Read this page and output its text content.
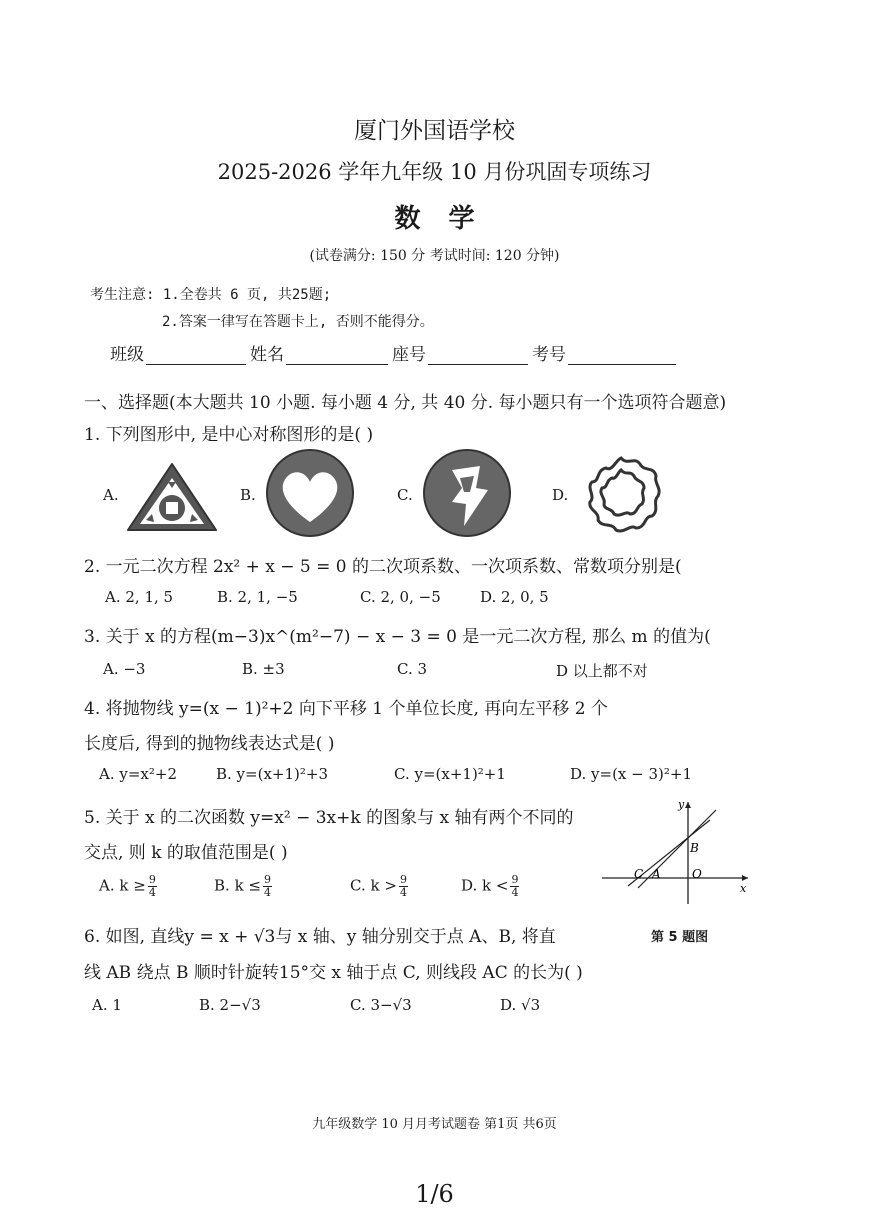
厦门外国语学校
2025-2026 学年九年级 10 月份巩固专项练习
数学
(试卷满分: 150 分 考试时间: 120 分钟)
考生注意: 1.全卷共 6 页, 共25题;
2.答案一律写在答题卡上, 否则不能得分。
班级	姓名	座号	考号
一、选择题(本大题共 10 小题. 每小题 4 分, 共 40 分. 每小题只有一个选项符合题意)
1. 下列图形中, 是中心对称图形的是( )
A.	B.	C.	D.
2. 一元二次方程 2x² + x − 5 = 0 的二次项系数、一次项系数、常数项分别是(
A. 2, 1, 5	B. 2, 1, −5	C. 2, 0, −5	D. 2, 0, 5
3. 关于 x 的方程(m−3)x^(m²−7) − x − 3 = 0 是一元二次方程, 那么 m 的值为(
A. −3	B. ±3	C. 3	D 以上都不对
4. 将抛物线 y=(x − 1)²+2 向下平移 1 个单位长度, 再向左平移 2 个
长度后, 得到的抛物线表达式是( )
A. y=x²+2	B. y=(x+1)²+3	C. y=(x+1)²+1	D. y=(x − 3)²+1
5. 关于 x 的二次函数 y=x² − 3x+k 的图象与 x 轴有两个不同的
交点, 则 k 的取值范围是( )
A. $k \ge \frac{9}{4}$	B. $k \le \frac{9}{4}$	C. $k > \frac{9}{4}$	D. $k < \frac{9}{4}$
y
x
B
C A	O
第 5 题图
6. 如图, 直线y = x + √3与 x 轴、y 轴分别交于点 A、B, 将直
线 AB 绕点 B 顺时针旋转15°交 x 轴于点 C, 则线段 AC 的长为( )
A. 1	B. 2−√3	C. 3−√3	D. √3
九年级数学 10 月月考试题卷 第1页 共6页
1/6
